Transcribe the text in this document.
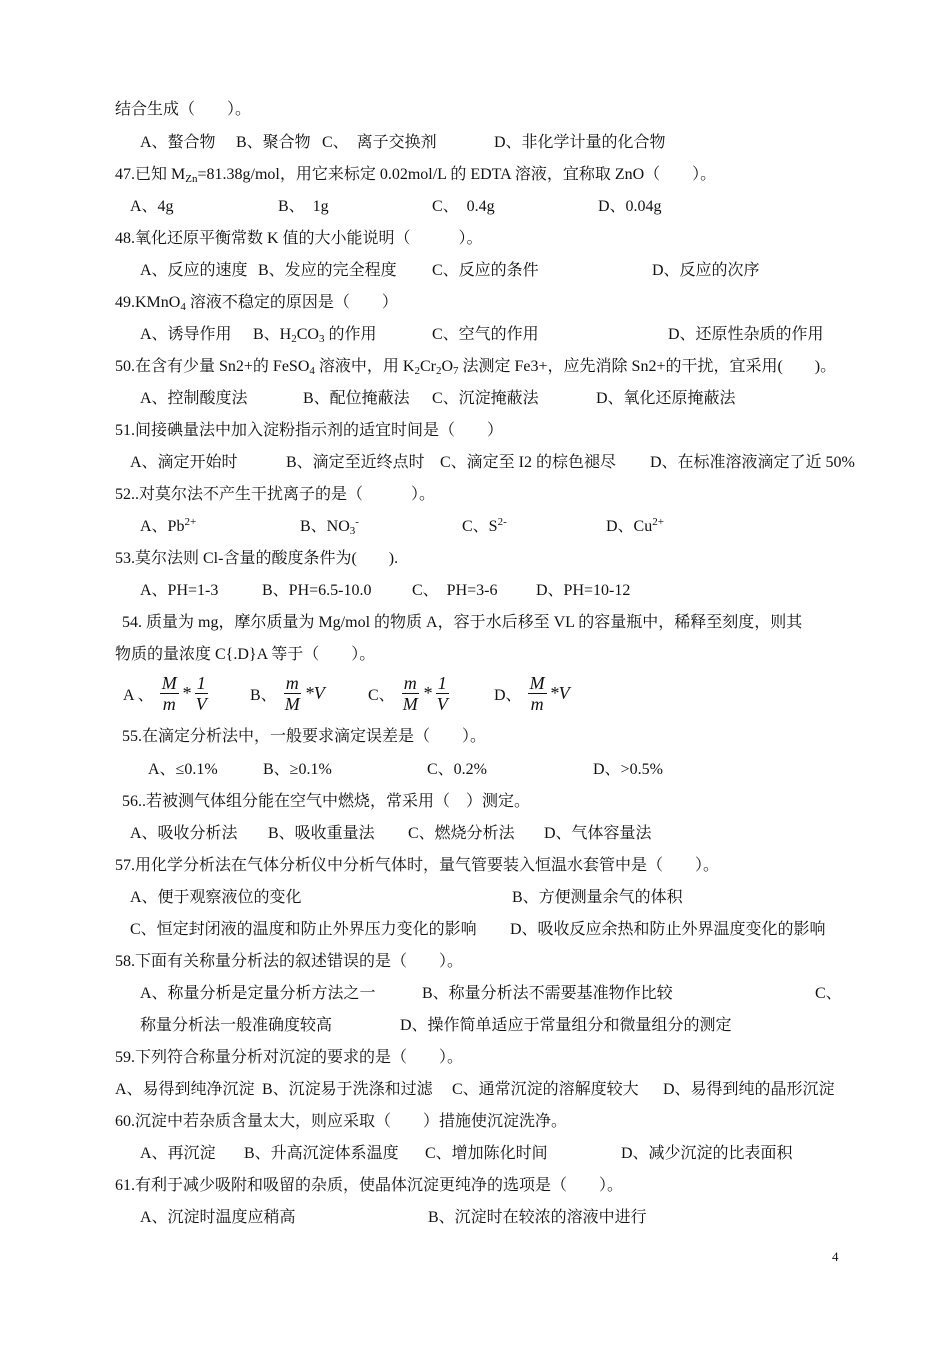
结合生成（　　）。
A、螯合物 B、聚合物 C、　离子交换剂	D、非化学计量的化合物
47.已知 $M_{Zn}=81.38g$/mol，用它来标定 0.02mol/L 的 EDTA 溶液，宜称取 ZnO（　　）。
A、4g	B、　1g	C、　0.4g	D、0.04g
48.氧化还原平衡常数 K 值的大小能说明（　　　）。
A、反应的速度 B、发应的完全程度 C、反应的条件	D、反应的次序
49.KMnO$_4$ 溶液不稳定的原因是（　　）
A、诱导作用 B、$H_2CO_3$ 的作用	C、空气的作用	D、还原性杂质的作用
50.在含有少量 Sn2+的 FeSO$_4$ 溶液中，用 $K_2Cr_2O_7$ 法测定 Fe3+，应先消除 Sn2+的干扰，宜采用(　　)。
A、控制酸度法	B、配位掩蔽法 C、沉淀掩蔽法	D、氧化还原掩蔽法
51.间接碘量法中加入淀粉指示剂的适宜时间是（　　）
A、滴定开始时	B、滴定至近终点时 C、滴定至 I2 的棕色褪尽 D、在标准溶液滴定了近 50%
52..对莫尔法不产生干扰离子的是（　　　）。
A、$Pb^{2+}$	B、$NO_3^-$	C、$S^{2-}$	D、$Cu^{2+}$
53.莫尔法则 Cl-含量的酸度条件为(　　).
A、PH=1-3	B、PH=6.5-10.0	C、　PH=3-6 D、PH=10-12
54. 质量为 mg，摩尔质量为 Mg/mol 的物质 A，容于水后移至 VL 的容量瓶中，稀释至刻度，则其
物质的量浓度 C{.D}A 等于（　　）。
A 、 $\frac{M}{m} * \frac{1}{V}$	B、 $\frac{m}{M} *V$	C、 $\frac{m}{M} * \frac{1}{V}$	D、 $\frac{M}{m} *V$
55.在滴定分析法中，一般要求滴定误差是（　　）。
A、≤0.1%	B、≥0.1%	C、0.2%	D、>0.5%
56..若被测气体组分能在空气中燃烧，常采用（　）测定。
A、吸收分析法 B、吸收重量法 C、燃烧分析法 D、气体容量法
57.用化学分析法在气体分析仪中分析气体时，量气管要装入恒温水套管中是（　　）。
A、便于观察液位的变化	B、方便测量余气的体积
C、恒定封闭液的温度和防止外界压力变化的影响 D、吸收反应余热和防止外界温度变化的影响
58.下面有关称量分析法的叙述错误的是（　　）。
A、称量分析是定量分析方法之一	B、称量分析法不需要基准物作比较	C、
称量分析法一般准确度较高	D、操作简单适应于常量组分和微量组分的测定
59.下列符合称量分析对沉淀的要求的是（　　）。
A、易得到纯净沉淀 B、沉淀易于洗涤和过滤 C、通常沉淀的溶解度较大 D、易得到纯的晶形沉淀
60.沉淀中若杂质含量太大，则应采取（　　）措施使沉淀洗净。
A、再沉淀 B、升高沉淀体系温度 C、增加陈化时间	D、减少沉淀的比表面积
61.有利于减少吸附和吸留的杂质，使晶体沉淀更纯净的选项是（　　）。
A、沉淀时温度应稍高	B、沉淀时在较浓的溶液中进行
4
